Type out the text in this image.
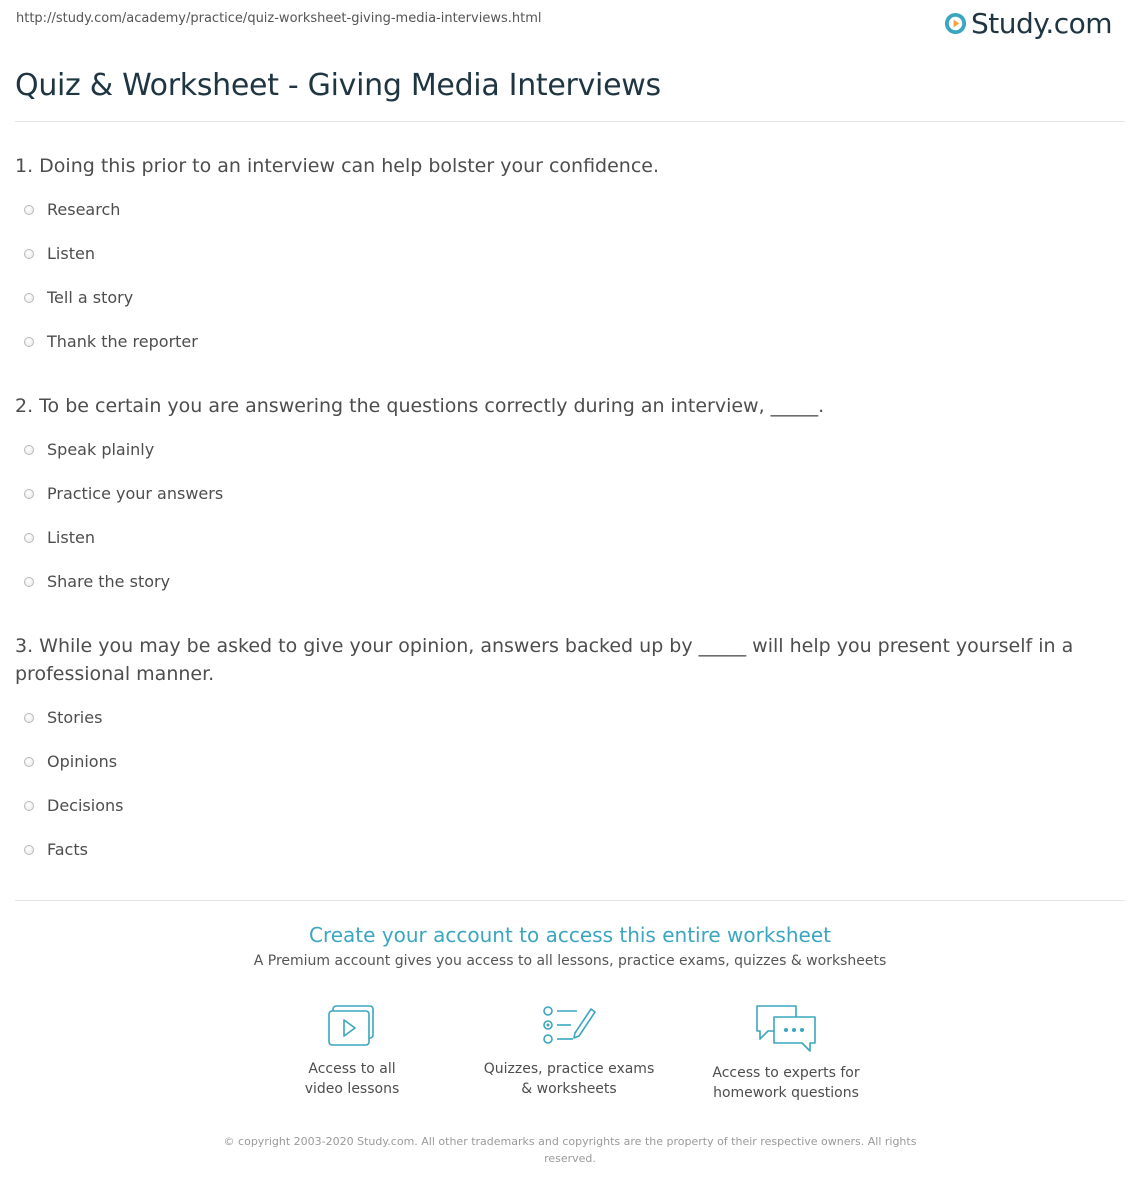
http://study.com/academy/practice/quiz-worksheet-giving-media-interviews.html	Study.com
Quiz & Worksheet - Giving Media Interviews
1. Doing this prior to an interview can help bolster your confidence.
Research
Listen
Tell a story
Thank the reporter
2. To be certain you are answering the questions correctly during an interview, _____.
Speak plainly
Practice your answers
Listen
Share the story
3. While you may be asked to give your opinion, answers backed up by _____ will help you present yourself in a professional manner.
Stories
Opinions
Decisions
Facts
Create your account to access this entire worksheet
A Premium account gives you access to all lessons, practice exams, quizzes & worksheets
Access to all
video lessons
Quizzes, practice exams
& worksheets
Access to experts for
homework questions
© copyright 2003-2020 Study.com. All other trademarks and copyrights are the property of their respective owners. All rights reserved.
